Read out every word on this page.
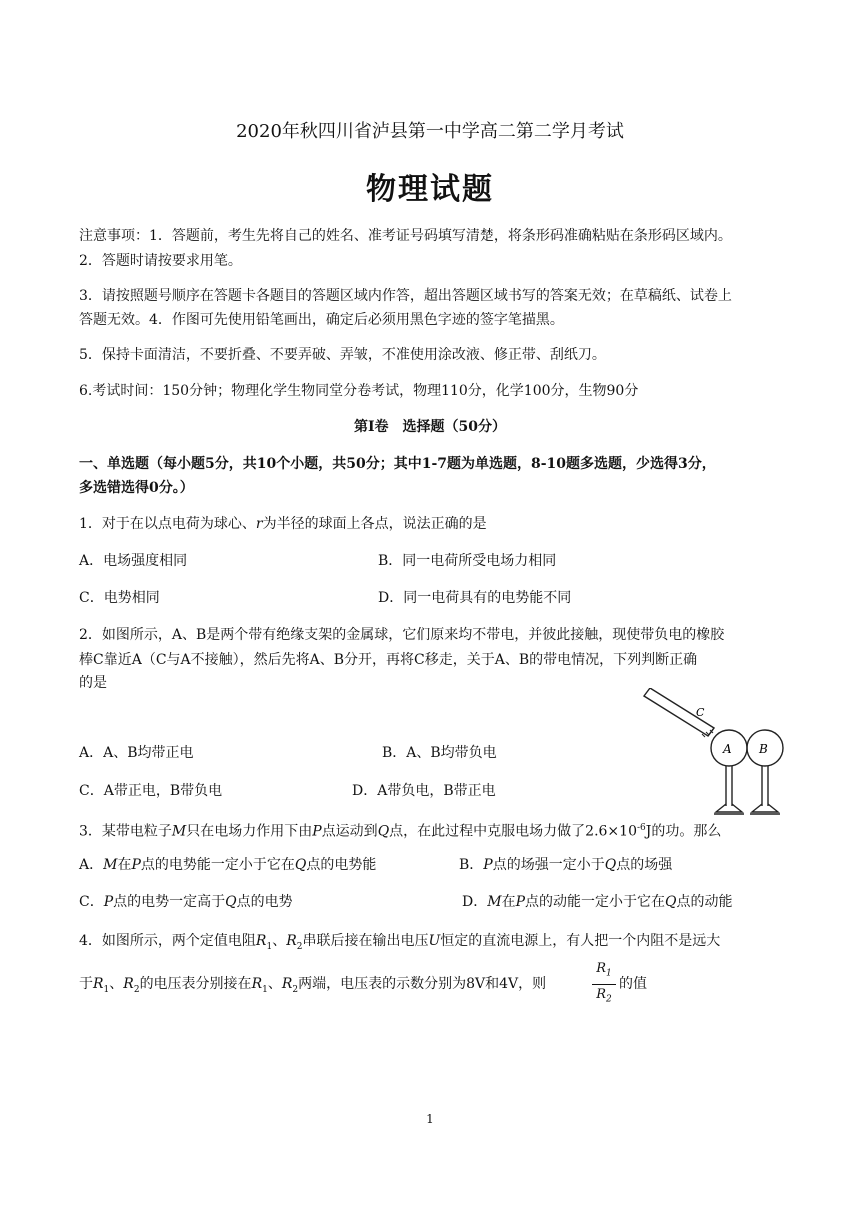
2020年秋四川省泸县第一中学高二第二学月考试
物理试题
注意事项：1．答题前，考生先将自己的姓名、准考证号码填写清楚，将条形码准确粘贴在条形码区域内。
2．答题时请按要求用笔。
3．请按照题号顺序在答题卡各题目的答题区域内作答，超出答题区域书写的答案无效；在草稿纸、试卷上
答题无效。4．作图可先使用铅笔画出，确定后必须用黑色字迹的签字笔描黑。
5．保持卡面清洁，不要折叠、不要弄破、弄皱，不准使用涂改液、修正带、刮纸刀。
6.考试时间：150分钟；物理化学生物同堂分卷考试，物理110分，化学100分，生物90分
第I卷　选择题（50分）
一、单选题（每小题5分，共10个小题，共50分；其中1-7题为单选题，8-10题多选题，少选得3分，
多选错选得0分。）
1．对于在以点电荷为球心、r为半径的球面上各点，说法正确的是
A．电场强度相同	B．同一电荷所受电场力相同
C．电势相同	D．同一电荷具有的电势能不同
2．如图所示，A、B是两个带有绝缘支架的金属球，它们原来均不带电，并彼此接触，现使带负电的橡胶
棒C靠近A（C与A不接触），然后先将A、B分开，再将C移走，关于A、B的带电情况，下列判断正确
的是
A．A、B均带正电	B．A、B均带负电
C．A带正电，B带负电	D．A带负电，B带正电
C
A B
3．某带电粒子M只在电场力作用下由P点运动到Q点，在此过程中克服电场力做了$2.6\times 10^{-6}J$的功。那么
A．M在P点的电势能一定小于它在Q点的电势能	B．P点的场强一定小于Q点的场强
C．P点的电势一定高于Q点的电势	D．M在P点的动能一定小于它在Q点的动能
4．如图所示，两个定值电阻$R_1$、$R_2$串联后接在输出电压U恒定的直流电源上，有人把一个内阻不是远大
于$R_1$、$R_2$的电压表分别接在$R_1$、$R_2$两端，电压表的示数分别为8V和4V，则
$R_1$
$R_2$
的值
1
